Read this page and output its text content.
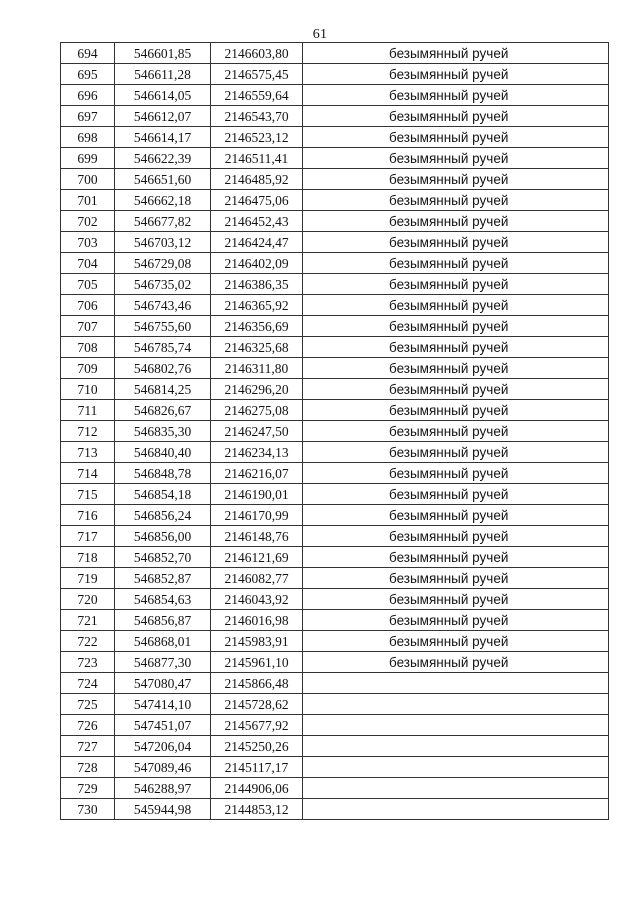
61
694	546601,85	2146603,80	безымянный ручей
695	546611,28	2146575,45	безымянный ручей
696	546614,05	2146559,64	безымянный ручей
697	546612,07	2146543,70	безымянный ручей
698	546614,17	2146523,12	безымянный ручей
699	546622,39	2146511,41	безымянный ручей
700	546651,60	2146485,92	безымянный ручей
701	546662,18	2146475,06	безымянный ручей
702	546677,82	2146452,43	безымянный ручей
703	546703,12	2146424,47	безымянный ручей
704	546729,08	2146402,09	безымянный ручей
705	546735,02	2146386,35	безымянный ручей
706	546743,46	2146365,92	безымянный ручей
707	546755,60	2146356,69	безымянный ручей
708	546785,74	2146325,68	безымянный ручей
709	546802,76	2146311,80	безымянный ручей
710	546814,25	2146296,20	безымянный ручей
711	546826,67	2146275,08	безымянный ручей
712	546835,30	2146247,50	безымянный ручей
713	546840,40	2146234,13	безымянный ручей
714	546848,78	2146216,07	безымянный ручей
715	546854,18	2146190,01	безымянный ручей
716	546856,24	2146170,99	безымянный ручей
717	546856,00	2146148,76	безымянный ручей
718	546852,70	2146121,69	безымянный ручей
719	546852,87	2146082,77	безымянный ручей
720	546854,63	2146043,92	безымянный ручей
721	546856,87	2146016,98	безымянный ручей
722	546868,01	2145983,91	безымянный ручей
723	546877,30	2145961,10	безымянный ручей
724	547080,47	2145866,48	
725	547414,10	2145728,62	
726	547451,07	2145677,92	
727	547206,04	2145250,26	
728	547089,46	2145117,17	
729	546288,97	2144906,06	
730	545944,98	2144853,12	
